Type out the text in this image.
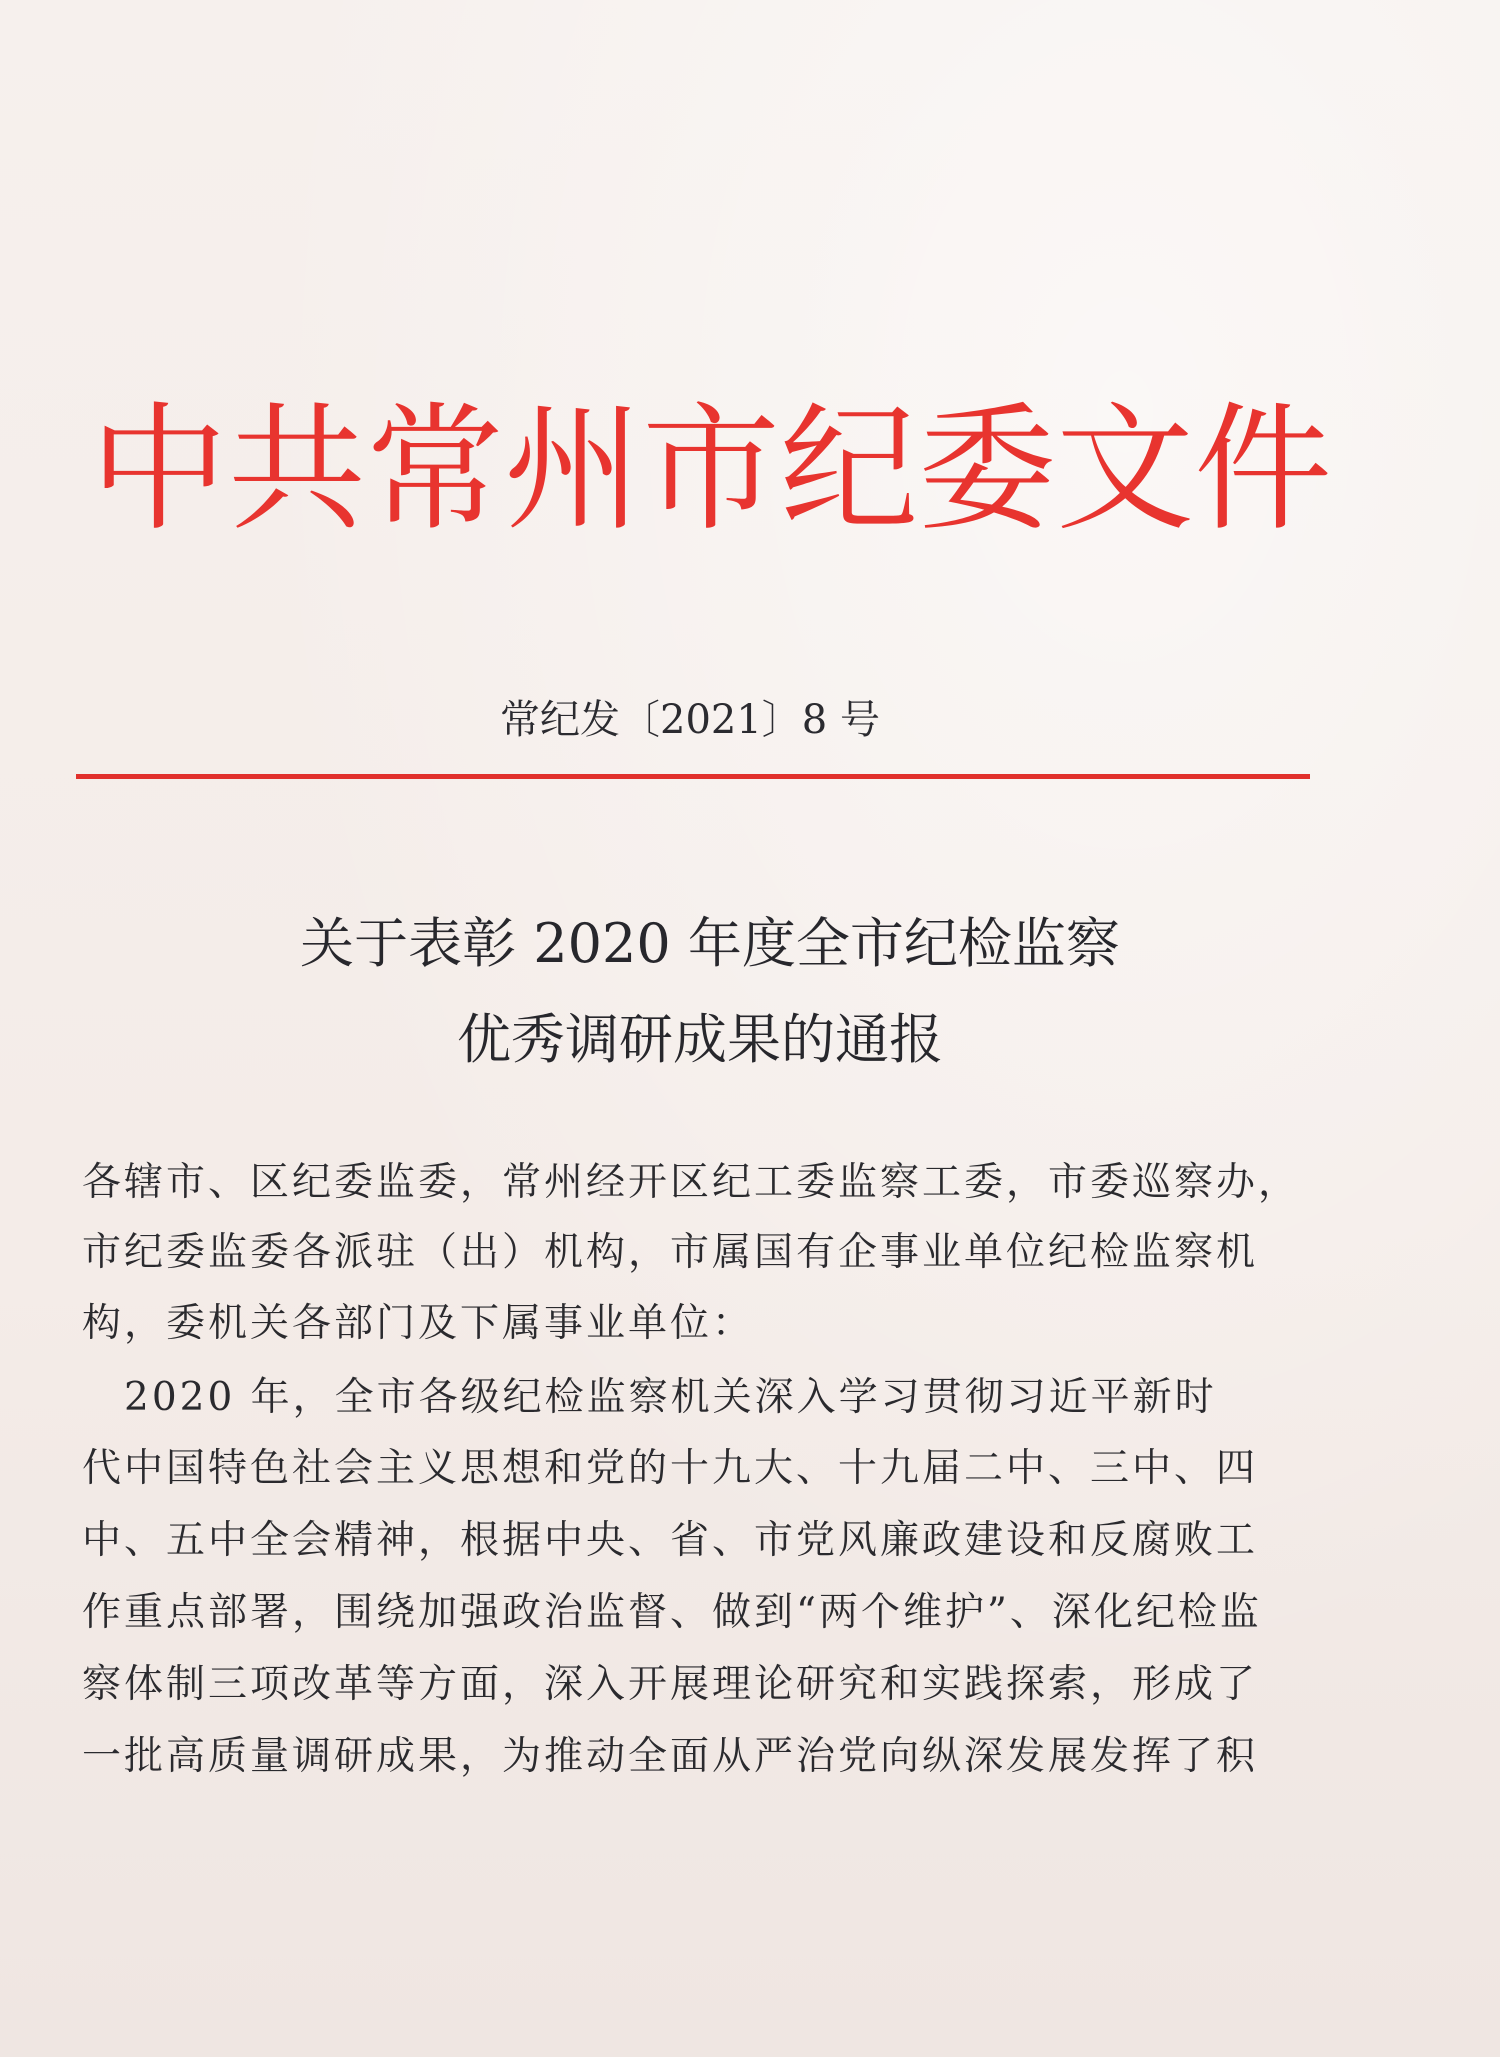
中共常州市纪委文件
常纪发〔2021〕8 号
关于表彰 2020 年度全市纪检监察
优秀调研成果的通报
各辖市、区纪委监委，常州经开区纪工委监察工委，市委巡察办，
市纪委监委各派驻（出）机构，市属国有企事业单位纪检监察机
构，委机关各部门及下属事业单位：
　2020 年，全市各级纪检监察机关深入学习贯彻习近平新时
代中国特色社会主义思想和党的十九大、十九届二中、三中、四
中、五中全会精神，根据中央、省、市党风廉政建设和反腐败工
作重点部署，围绕加强政治监督、做到“两个维护”、深化纪检监
察体制三项改革等方面，深入开展理论研究和实践探索，形成了
一批高质量调研成果，为推动全面从严治党向纵深发展发挥了积
